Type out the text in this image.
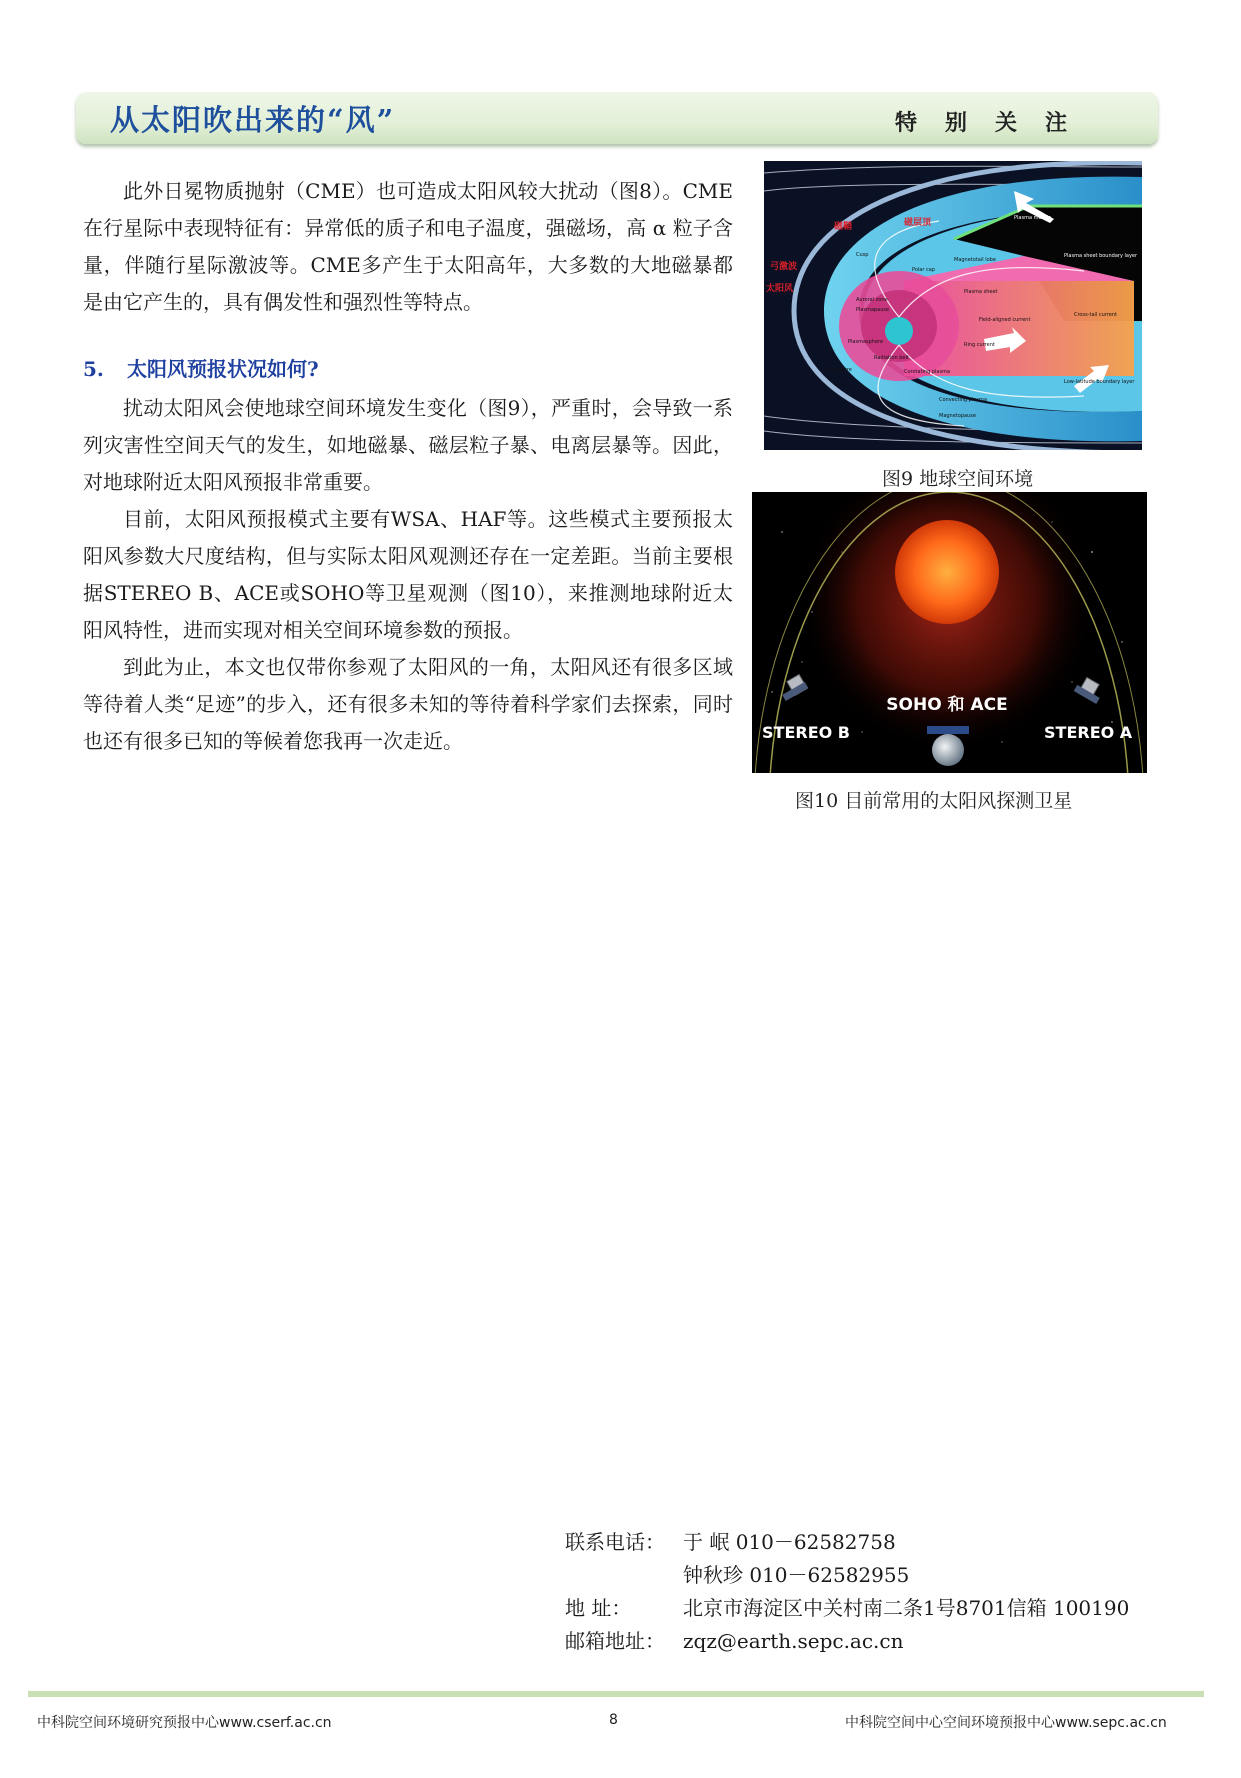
从太阳吹出来的“风”	特别关注

此外日冕物质抛射（CME）也可造成太阳风较大扰动（图8）。CME在行星际中表现特征有：异常低的质子和电子温度，强磁场，高 α 粒子含量，伴随行星际激波等。CME多产生于太阳高年，大多数的大地磁暴都是由它产生的，具有偶发性和强烈性等特点。

5. 太阳风预报状况如何?

扰动太阳风会使地球空间环境发生变化（图9），严重时，会导致一系列灾害性空间天气的发生，如地磁暴、磁层粒子暴、电离层暴等。因此，对地球附近太阳风预报非常重要。

目前，太阳风预报模式主要有WSA、HAF等。这些模式主要预报太阳风参数大尺度结构，但与实际太阳风观测还存在一定差距。当前主要根据STEREO B、ACE或SOHO等卫星观测（图10），来推测地球附近太阳风特性，进而实现对相关空间环境参数的预报。

到此为止，本文也仅带你参观了太阳风的一角，太阳风还有很多区域等待着人类“足迹”的步入，还有很多未知的等待着科学家们去探索，同时也还有很多已知的等候着您我再一次走近。

磁鞘	磁层顶
弓激波
太阳风
Magnetopause current
Plasma mantle
Magnetotail lobe
Cusp
Polar cap
Plasma sheet
Plasma sheet boundary layer
Cross-tail current
Field-aligned current
Ring current
Auroral zone
Plasmapause
Plasmasphere
Radiation belt
Ionosphere
Convecting plasma
Corotating plasma
Low-latitude boundary layer
Magnetopause
图9 地球空间环境
SOHO 和 ACE
STEREO B	STEREO A
图10 目前常用的太阳风探测卫星
联系电话： 于 岷 010－62582758
钟秋珍 010－62582955
地 址：	北京市海淀区中关村南二条1号8701信箱 100190
邮箱地址： zqz@earth.sepc.ac.cn
中科院空间环境研究预报中心www.cserf.ac.cn	8	中科院空间中心空间环境预报中心www.sepc.ac.cn
